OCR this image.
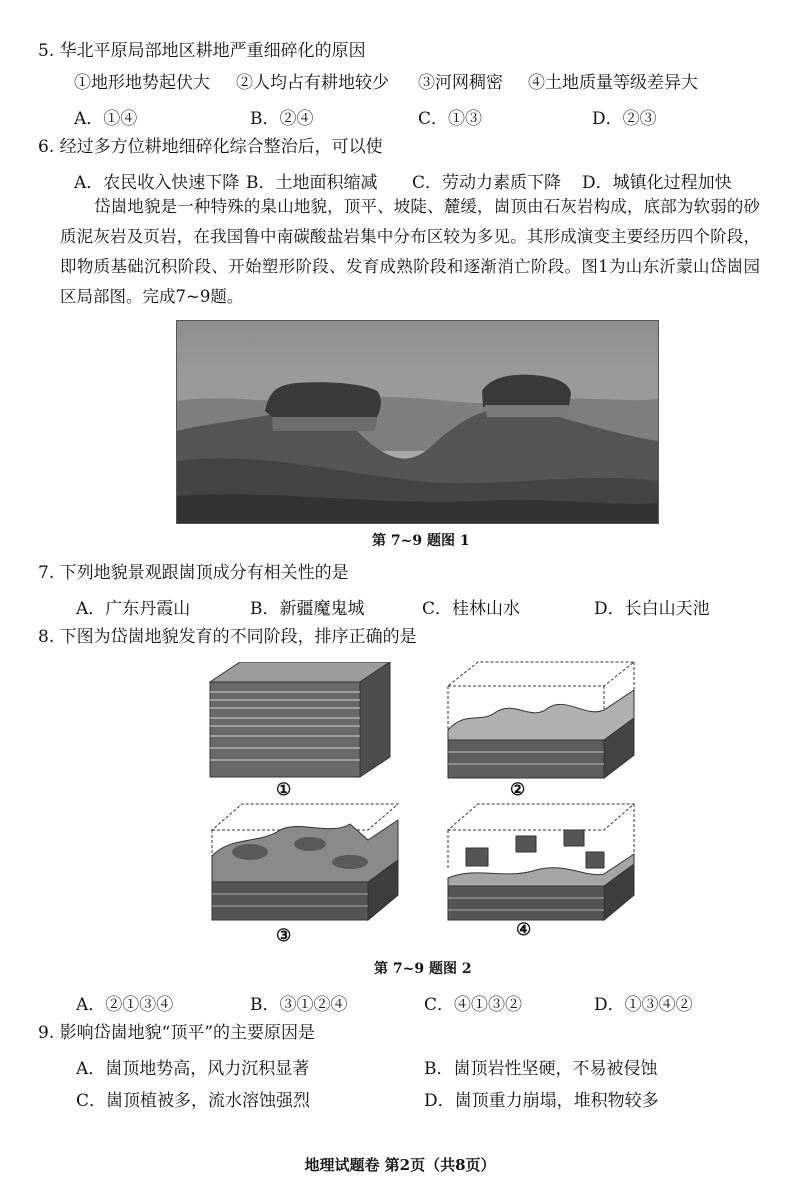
5. 华北平原局部地区耕地严重细碎化的原因
①地形地势起伏大 ②人均占有耕地较少 ③河网稠密 ④土地质量等级差异大
A．①④	B．②④	C．①③	D．②③
6. 经过多方位耕地细碎化综合整治后，可以使
A．农民收入快速下降 B．土地面积缩减 C．劳动力素质下降 D．城镇化过程加快
岱崮地貌是一种特殊的臬山地貌，顶平、坡陡、麓缓，崮顶由石灰岩构成，底部为软弱的砂质泥灰岩及页岩，在我国鲁中南碳酸盐岩集中分布区较为多见。其形成演变主要经历四个阶段，即物质基础沉积阶段、开始塑形阶段、发育成熟阶段和逐渐消亡阶段。图1为山东沂蒙山岱崮园区局部图。完成7~9题。
第 7~9 题图 1
7. 下列地貌景观跟崮顶成分有相关性的是
A．广东丹霞山	B．新疆魔鬼城	C．桂林山水	D．长白山天池
8. 下图为岱崮地貌发育的不同阶段，排序正确的是
①	②
③	④
第 7~9 题图 2
A．②①③④	B．③①②④	C．④①③②	D．①③④②
9. 影响岱崮地貌“顶平”的主要原因是
A．崮顶地势高，风力沉积显著	B．崮顶岩性坚硬，不易被侵蚀
C．崮顶植被多，流水溶蚀强烈	D．崮顶重力崩塌，堆积物较多
地理试题卷 第2页（共8页）
